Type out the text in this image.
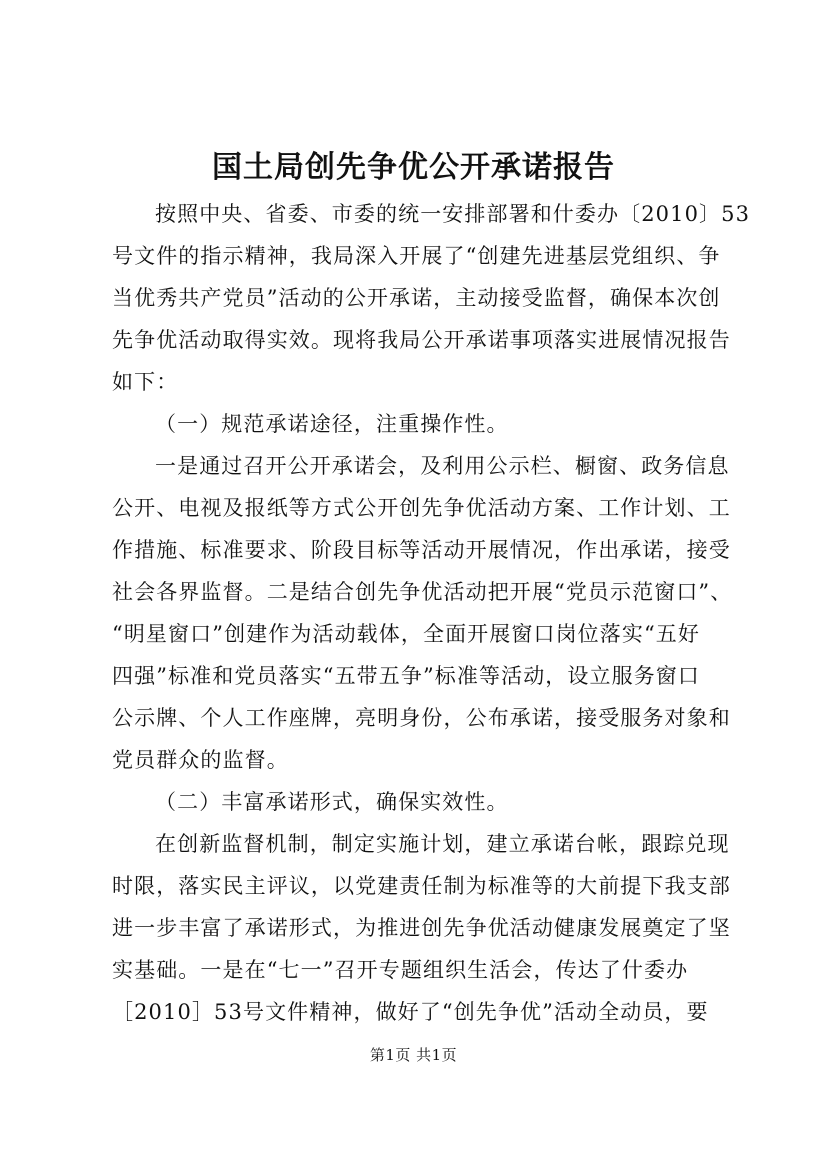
国土局创先争优公开承诺报告
按照中央、省委、市委的统一安排部署和什委办〔2010〕53
号文件的指示精神，我局深入开展了“创建先进基层党组织、争
当优秀共产党员”活动的公开承诺，主动接受监督，确保本次创
先争优活动取得实效。现将我局公开承诺事项落实进展情况报告
如下：
（一）规范承诺途径，注重操作性。
一是通过召开公开承诺会，及利用公示栏、橱窗、政务信息
公开、电视及报纸等方式公开创先争优活动方案、工作计划、工
作措施、标准要求、阶段目标等活动开展情况，作出承诺，接受
社会各界监督。二是结合创先争优活动把开展“党员示范窗口”、
“明星窗口”创建作为活动载体，全面开展窗口岗位落实“五好
四强”标准和党员落实“五带五争”标准等活动，设立服务窗口
公示牌、个人工作座牌，亮明身份，公布承诺，接受服务对象和
党员群众的监督。
（二）丰富承诺形式，确保实效性。
在创新监督机制，制定实施计划，建立承诺台帐，跟踪兑现
时限，落实民主评议，以党建责任制为标准等的大前提下我支部
进一步丰富了承诺形式，为推进创先争优活动健康发展奠定了坚
实基础。一是在“七一”召开专题组织生活会，传达了什委办
［2010］53号文件精神，做好了“创先争优”活动全动员，要
第1页 共1页
